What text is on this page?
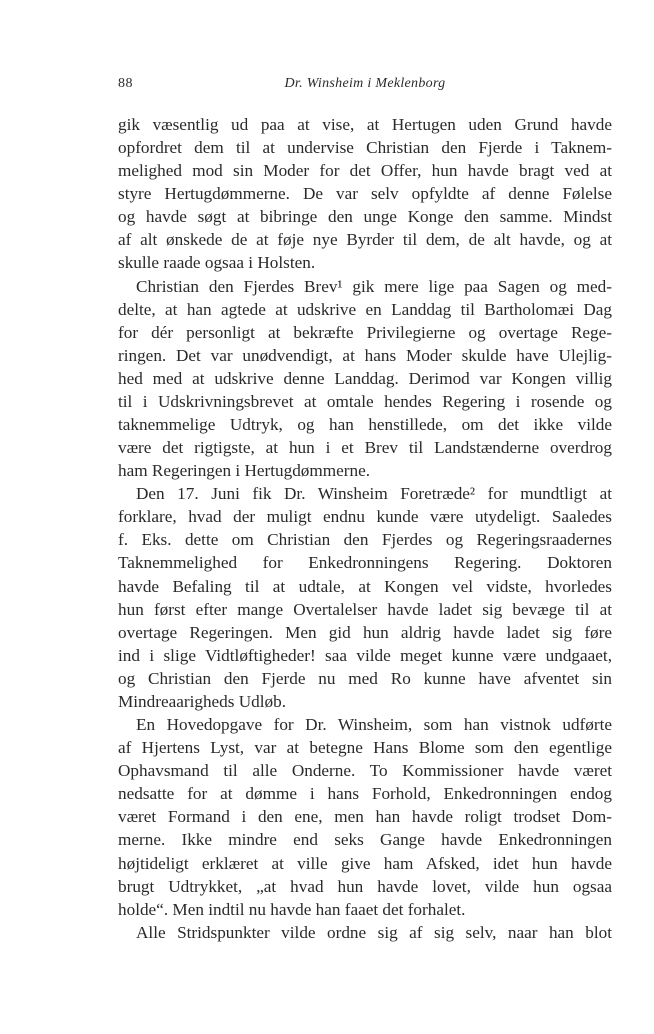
88	Dr. Winsheim i Meklenborg
gik væsentlig ud paa at vise, at Hertugen uden Grund havde
opfordret dem til at undervise Christian den Fjerde i Taknem-
melighed mod sin Moder for det Offer, hun havde bragt ved at
styre Hertugdømmerne. De var selv opfyldte af denne Følelse
og havde søgt at bibringe den unge Konge den samme. Mindst
af alt ønskede de at føje nye Byrder til dem, de alt havde, og at
skulle raade ogsaa i Holsten.
Christian den Fjerdes Brev¹ gik mere lige paa Sagen og med-
delte, at han agtede at udskrive en Landdag til Bartholomæi Dag
for dér personligt at bekræfte Privilegierne og overtage Rege-
ringen. Det var unødvendigt, at hans Moder skulde have Ulejlig-
hed med at udskrive denne Landdag. Derimod var Kongen villig
til i Udskrivningsbrevet at omtale hendes Regering i rosende og
taknemmelige Udtryk, og han henstillede, om det ikke vilde
være det rigtigste, at hun i et Brev til Landstænderne overdrog
ham Regeringen i Hertugdømmerne.
Den 17. Juni fik Dr. Winsheim Foretræde² for mundtligt at
forklare, hvad der muligt endnu kunde være utydeligt. Saaledes
f. Eks. dette om Christian den Fjerdes og Regeringsraadernes
Taknemmelighed for Enkedronningens Regering. Doktoren
havde Befaling til at udtale, at Kongen vel vidste, hvorledes
hun først efter mange Overtalelser havde ladet sig bevæge til at
overtage Regeringen. Men gid hun aldrig havde ladet sig føre
ind i slige Vidtløftigheder! saa vilde meget kunne være undgaaet,
og Christian den Fjerde nu med Ro kunne have afventet sin
Mindreaarigheds Udløb.
En Hovedopgave for Dr. Winsheim, som han vistnok udførte
af Hjertens Lyst, var at betegne Hans Blome som den egentlige
Ophavsmand til alle Onderne. To Kommissioner havde været
nedsatte for at dømme i hans Forhold, Enkedronningen endog
været Formand i den ene, men han havde roligt trodset Dom-
merne. Ikke mindre end seks Gange havde Enkedronningen
højtideligt erklæret at ville give ham Afsked, idet hun havde
brugt Udtrykket, „at hvad hun havde lovet, vilde hun ogsaa
holde“. Men indtil nu havde han faaet det forhalet.
Alle Stridspunkter vilde ordne sig af sig selv, naar han blot
